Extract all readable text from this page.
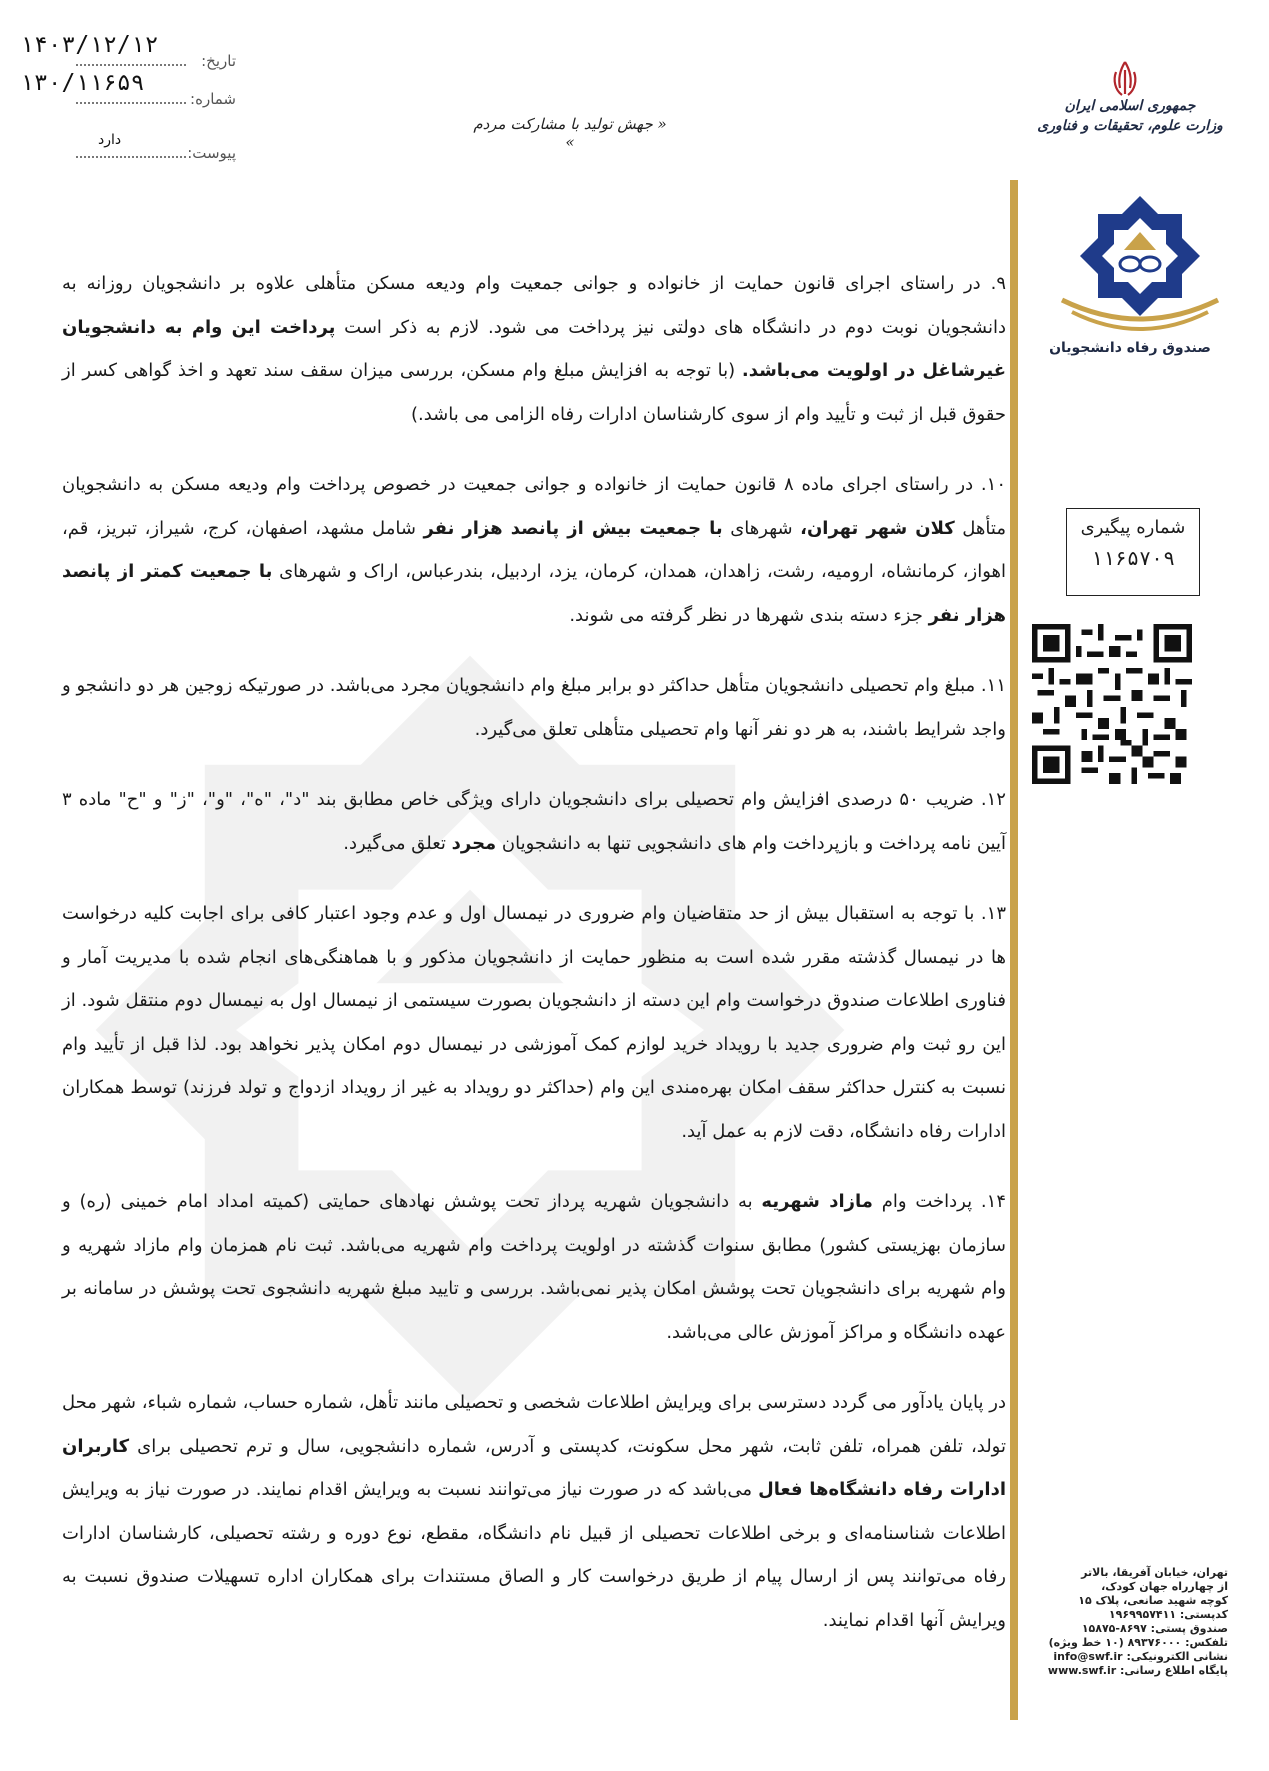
تاریخ:
۱۴۰۳/۱۲/۱۲
شماره:
۱۳۰/۱۱۶۵۹
پیوست:
دارد
« جهش تولید با مشارکت مردم »
جمهوری اسلامی ایران
وزارت علوم، تحقیقات و فناوری
صندوق رفاه دانشجویان
شماره پیگیری
۱۱۶۵۷۰۹
تهران، خیابان آفریقا، بالاتر
از چهارراه جهان کودک،
کوچه شهید صانعی، پلاک ۱۵
کدپستی: ۱۹۶۹۹۵۷۴۱۱
صندوق پستی: ۸۶۹۷-۱۵۸۷۵
تلفکس: ۸۹۳۷۶۰۰۰ (۱۰ خط ویژه)
نشانی الکترونیکی: info@swf.ir
پایگاه اطلاع رسانی: www.swf.ir

۹. در راستای اجرای قانون حمایت از خانواده و جوانی جمعیت وام ودیعه مسکن متأهلی علاوه بر دانشجویان روزانه به دانشجویان نوبت دوم در دانشگاه های دولتی نیز پرداخت می شود. لازم به ذکر است پرداخت این وام به دانشجویان غیرشاغل در اولویت می‌باشد. (با توجه به افزایش مبلغ وام مسکن، بررسی میزان سقف سند تعهد و اخذ گواهی کسر از حقوق قبل از ثبت و تأیید وام از سوی کارشناسان ادارات رفاه الزامی می باشد.)

۱۰. در راستای اجرای ماده ۸ قانون حمایت از خانواده و جوانی جمعیت در خصوص پرداخت وام ودیعه مسکن به دانشجویان متأهل کلان شهر تهران، شهرهای با جمعیت بیش از پانصد هزار نفر شامل مشهد، اصفهان، کرج، شیراز، تبریز، قم، اهواز، کرمانشاه، ارومیه، رشت، زاهدان، همدان، کرمان، یزد، اردبیل، بندرعباس، اراک و شهرهای با جمعیت کمتر از پانصد هزار نفر جزء دسته بندی شهرها در نظر گرفته می شوند.

۱۱. مبلغ وام تحصیلی دانشجویان متأهل حداکثر دو برابر مبلغ وام دانشجویان مجرد می‌باشد. در صورتیکه زوجین هر دو دانشجو و واجد شرایط باشند، به هر دو نفر آنها وام تحصیلی متأهلی تعلق می‌گیرد.

۱۲. ضریب ۵۰ درصدی افزایش وام تحصیلی برای دانشجویان دارای ویژگی خاص مطابق بند "د"، "ه"، "و"، "ز" و "ح" ماده ۳ آیین نامه پرداخت و بازپرداخت وام های دانشجویی تنها به دانشجویان مجرد تعلق می‌گیرد.

۱۳. با توجه به استقبال بیش از حد متقاضیان وام ضروری در نیمسال اول و عدم وجود اعتبار کافی برای اجابت کلیه درخواست ها در نیمسال گذشته مقرر شده است به منظور حمایت از دانشجویان مذکور و با هماهنگی‌های انجام شده با مدیریت آمار و فناوری اطلاعات صندوق درخواست وام این دسته از دانشجویان بصورت سیستمی از نیمسال اول به نیمسال دوم منتقل شود. از این رو ثبت وام ضروری جدید با رویداد خرید لوازم کمک آموزشی در نیمسال دوم امکان پذیر نخواهد بود. لذا قبل از تأیید وام نسبت به کنترل حداکثر سقف امکان بهره‌مندی این وام (حداکثر دو رویداد به غیر از رویداد ازدواج و تولد فرزند) توسط همکاران ادارات رفاه دانشگاه، دقت لازم به عمل آید.

۱۴. پرداخت وام مازاد شهریه به دانشجویان شهریه پرداز تحت پوشش نهادهای حمایتی (کمیته امداد امام خمینی (ره) و سازمان بهزیستی کشور) مطابق سنوات گذشته در اولویت پرداخت وام شهریه می‌باشد. ثبت نام همزمان وام مازاد شهریه و وام شهریه برای دانشجویان تحت پوشش امکان پذیر نمی‌باشد. بررسی و تایید مبلغ شهریه دانشجوی تحت پوشش در سامانه بر عهده دانشگاه و مراکز آموزش عالی می‌باشد.

در پایان یادآور می گردد دسترسی برای ویرایش اطلاعات شخصی و تحصیلی مانند تأهل، شماره حساب، شماره شباء، شهر محل تولد، تلفن همراه، تلفن ثابت، شهر محل سکونت، کدپستی و آدرس، شماره دانشجویی، سال و ترم تحصیلی برای کاربران ادارات رفاه دانشگاه‌ها فعال می‌باشد که در صورت نیاز می‌توانند نسبت به ویرایش اقدام نمایند. در صورت نیاز به ویرایش اطلاعات شناسنامه‌ای و برخی اطلاعات تحصیلی از قبیل نام دانشگاه، مقطع، نوع دوره و رشته تحصیلی، کارشناسان ادارات رفاه می‌توانند پس از ارسال پیام از طریق درخواست کار و الصاق مستندات برای همکاران اداره تسهیلات صندوق نسبت به ویرایش آنها اقدام نمایند.
